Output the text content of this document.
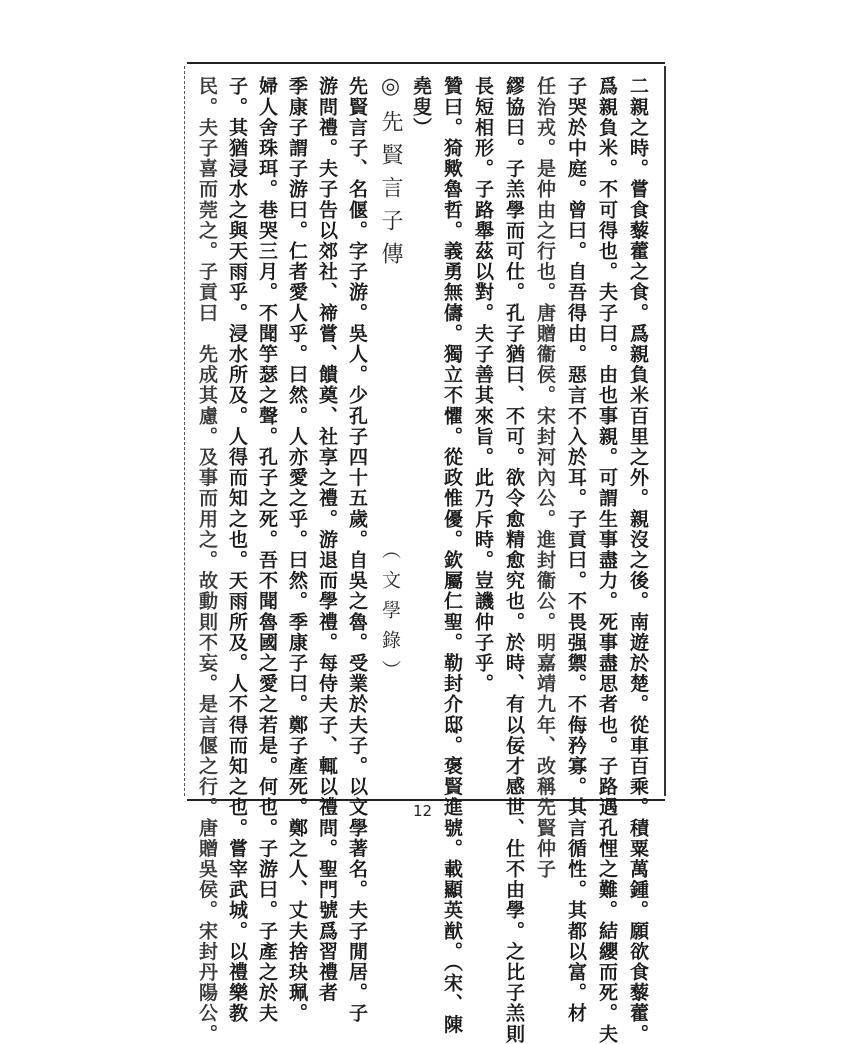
二親之時。嘗食藜藿之食。爲親負米百里之外。親沒之後。南遊於楚。從車百乘。積粟萬鍾。願欲食藜藿。
爲親負米。不可得也。夫子曰。由也事親。可謂生事盡力。死事盡思者也。子路遇孔悝之難。結纓而死。夫
子哭於中庭。曾曰。自吾得由。惡言不入於耳。子貢曰。不畏强禦。不侮矜寡。其言循性。其都以富。材
任治戎。是仲由之行也。唐贈衞侯。宋封河內公。進封衞公。明嘉靖九年、改稱先賢仲子
繆協曰。子羔學而可仕。孔子猶曰、不可。欲令愈精愈究也。於時、有以佞才感世、仕不由學。之比子羔則
長短相形。子路舉茲以對。夫子善其來旨。此乃斥時。豈譏仲子乎。
贊曰。猗歟魯哲。義勇無儔。獨立不懼。從政惟優。欽屬仁聖。勒封介邸。褒賢進號。載顯英猷。（宋、陳
堯叟）
◎先賢言子傳
（文學錄）
先賢言子、名偃。字子游。吳人。少孔子四十五歲。自吳之魯。受業於夫子。以文學著名。夫子閒居。子
游問禮。夫子告以郊社、禘嘗、饋奠、社享之禮。游退而學禮。每侍夫子、輒以禮問。聖門號爲習禮者
季康子謂子游曰。仁者愛人乎。曰然。人亦愛之乎。曰然。季康子曰。鄭子產死。鄭之人、丈夫捨玦珮。
婦人舍珠珥。巷哭三月。不聞竽瑟之聲。孔子之死。吾不聞魯國之愛之若是。何也。子游曰。子產之於夫
子。其猶浸水之與天雨乎。浸水所及。人得而知之也。天雨所及。人不得而知之也。嘗宰武城。以禮樂教
民。夫子喜而莞之。子貢曰　先成其慮。及事而用之。故動則不妄。是言偃之行。唐贈吳侯。宋封丹陽公。	12
